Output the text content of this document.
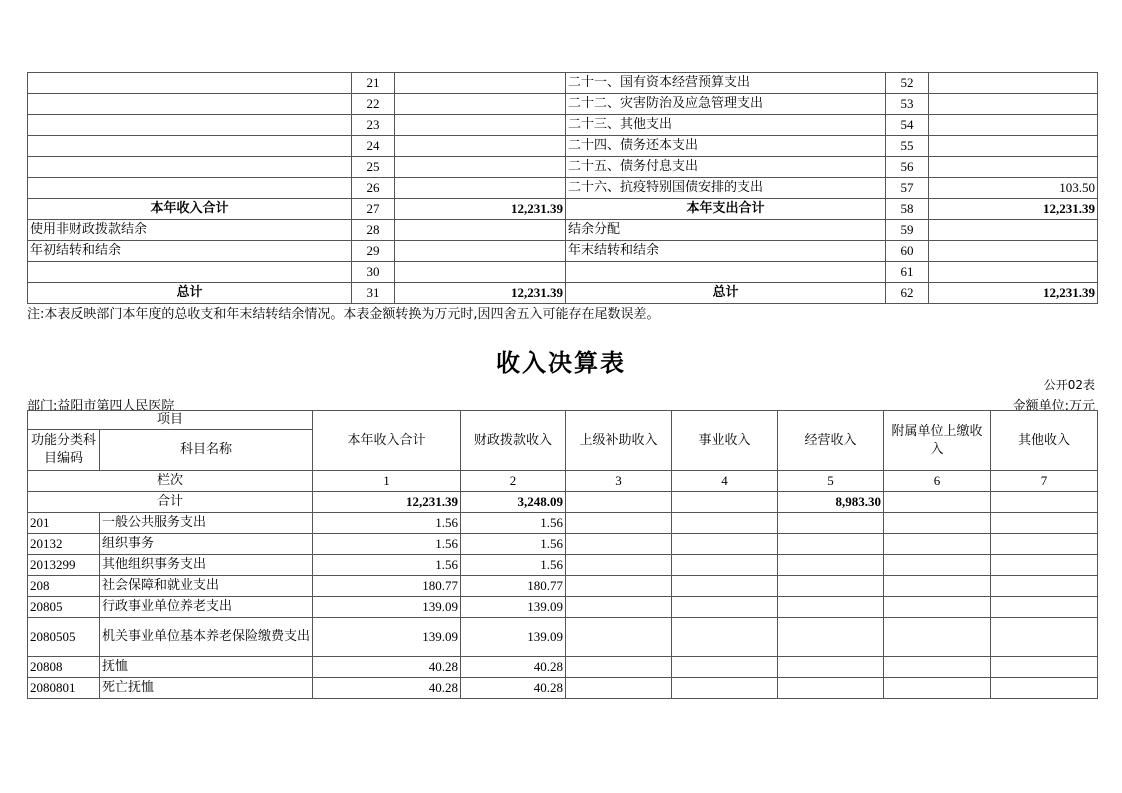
	21		二十一、国有资本经营预算支出	52	
	22		二十二、灾害防治及应急管理支出	53	
	23		二十三、其他支出	54	
	24		二十四、债务还本支出	55	
	25		二十五、债务付息支出	56	
	26		二十六、抗疫特别国债安排的支出	57	103.50
本年收入合计	27	12,231.39	本年支出合计	58	12,231.39
使用非财政拨款结余	28		结余分配	59	
年初结转和结余	29		年末结转和结余	60	
	30			61	
总计	31	12,231.39	总计	62	12,231.39
注:本表反映部门本年度的总收支和年末结转结余情况。本表金额转换为万元时,因四舍五入可能存在尾数误差。
收入决算表
公开02表
部门:益阳市第四人民医院	金额单位:万元
项目		本年收入合计	财政拨款收入	上级补助收入	事业收入	经营收入	附属单位上缴收入	其他收入
功能分类科目编码	科目名称							
栏次		1	2	3	4	5	6	7
合计		12,231.39	3,248.09			8,983.30		
201	一般公共服务支出	1.56	1.56					
20132	组织事务	1.56	1.56					
2013299	其他组织事务支出	1.56	1.56					
208	社会保障和就业支出	180.77	180.77					
20805	行政事业单位养老支出	139.09	139.09					
2080505	机关事业单位基本养老保险缴费支出	139.09	139.09					
20808	抚恤	40.28	40.28					
2080801	死亡抚恤	40.28	40.28					
